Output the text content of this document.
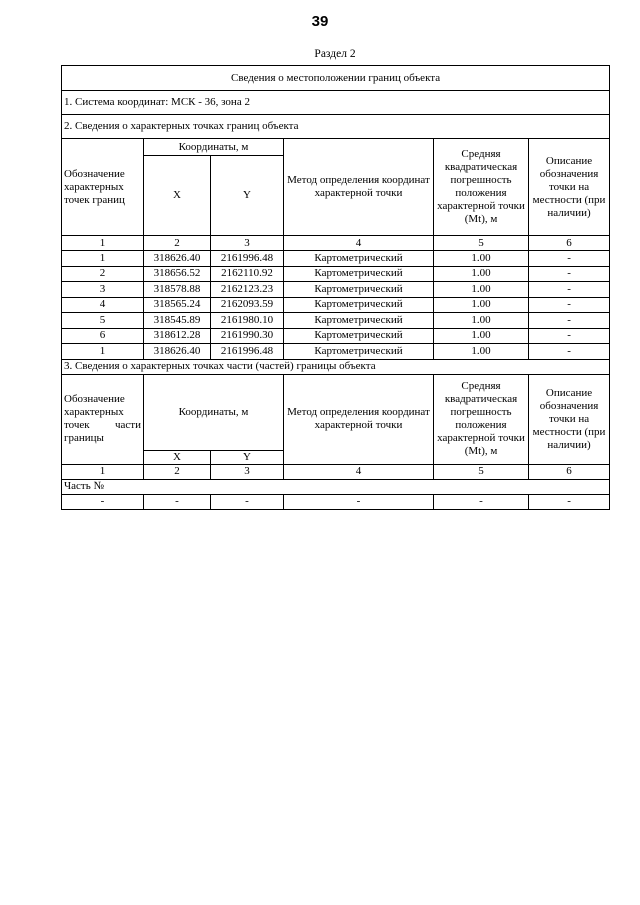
39
Раздел 2
Сведения о местоположении границ объекта					
1. Система координат: МСК - 36, зона 2					
2. Сведения о характерных точках границ объекта					
Обозначение характерных точек границ	Координаты, м		Метод определения координат характерной точки	Средняя квадратическая погрешность положения характерной точки (Mt), м	Описание обозначения точки на местности (при наличии)
	X	Y			
1	2	3	4	5	6
1	318626.40	2161996.48	Картометрический	1.00	-
2	318656.52	2162110.92	Картометрический	1.00	-
3	318578.88	2162123.23	Картометрический	1.00	-
4	318565.24	2162093.59	Картометрический	1.00	-
5	318545.89	2161980.10	Картометрический	1.00	-
6	318612.28	2161990.30	Картометрический	1.00	-
1	318626.40	2161996.48	Картометрический	1.00	-
3. Сведения о характерных точках части (частей) границы объекта					
Обозначение характерных точек части границы	Координаты, м		Метод определения координат характерной точки	Средняя квадратическая погрешность положения характерной точки (Mt), м	Описание обозначения точки на местности (при наличии)
	X	Y			
1	2	3	4	5	6
Часть №					
-	-	-	-	-	-
